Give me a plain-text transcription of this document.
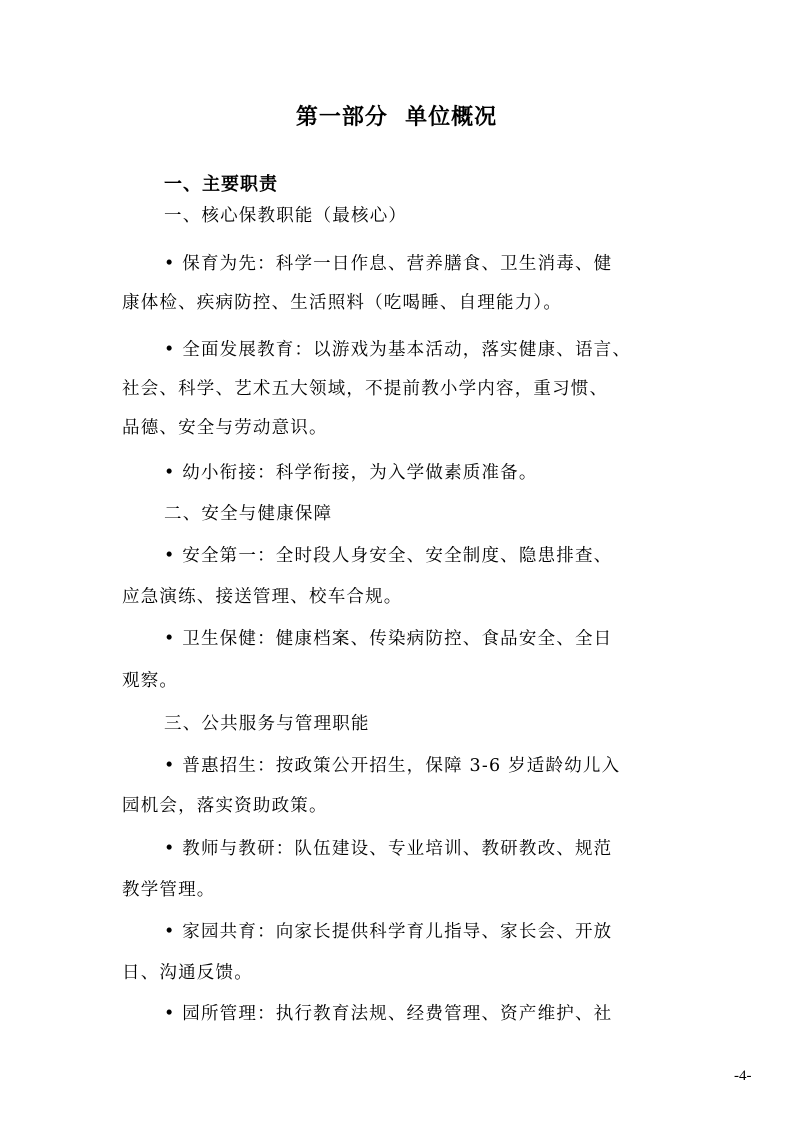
第一部分  单位概况
一、主要职责
一、核心保教职能（最核心）
• 保育为先：科学一日作息、营养膳食、卫生消毒、健
康体检、疾病防控、生活照料（吃喝睡、自理能力）。
• 全面发展教育：以游戏为基本活动，落实健康、语言、
社会、科学、艺术五大领域，不提前教小学内容，重习惯、
品德、安全与劳动意识。
• 幼小衔接：科学衔接，为入学做素质准备。
二、安全与健康保障
• 安全第一：全时段人身安全、安全制度、隐患排查、
应急演练、接送管理、校车合规。
• 卫生保健：健康档案、传染病防控、食品安全、全日
观察。
三、公共服务与管理职能
• 普惠招生：按政策公开招生，保障 3-6 岁适龄幼儿入
园机会，落实资助政策。
• 教师与教研：队伍建设、专业培训、教研教改、规范
教学管理。
• 家园共育：向家长提供科学育儿指导、家长会、开放
日、沟通反馈。
• 园所管理：执行教育法规、经费管理、资产维护、社
-4-
